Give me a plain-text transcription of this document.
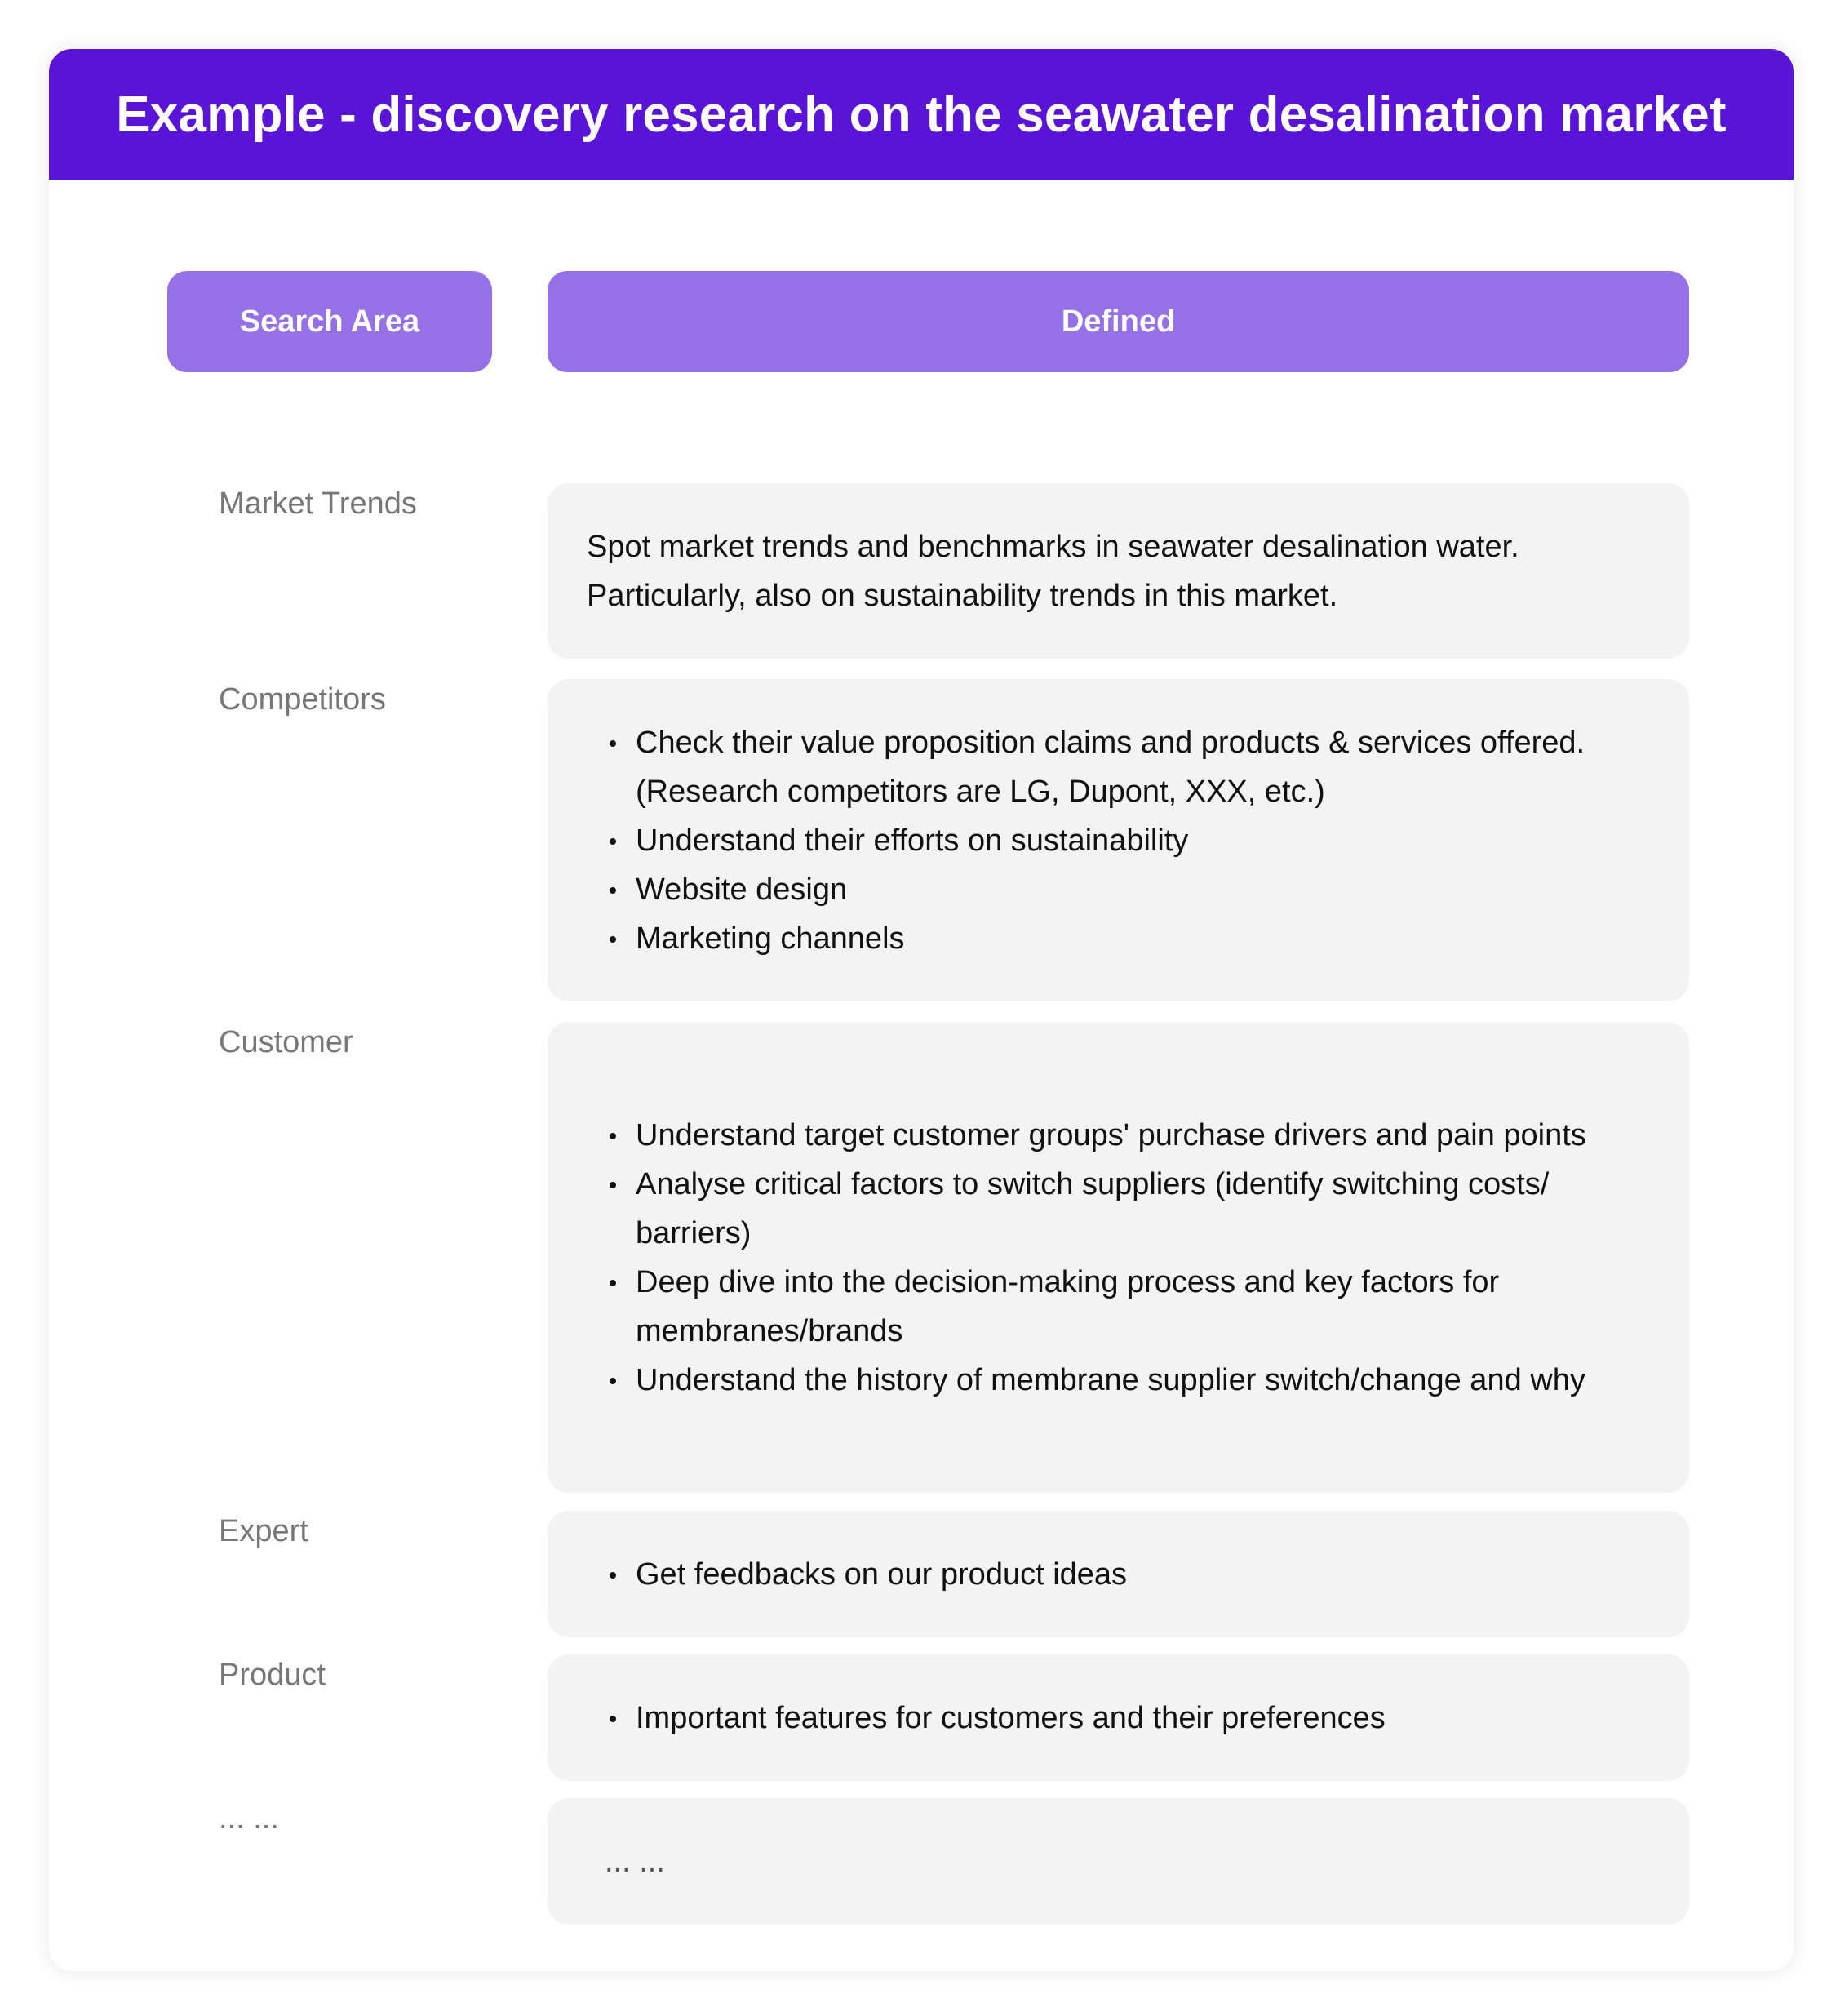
Example - discovery research on the seawater desalination market
Search Area	Defined
Market Trends

Spot market trends and benchmarks in seawater desalination water. Particularly, also on sustainability trends in this market.

Competitors
Check their value proposition claims and products & services offered. (Research competitors are LG, Dupont, XXX, etc.)
Understand their efforts on sustainability
Website design
Marketing channels
Customer
Understand target customer groups' purchase drivers and pain points
Analyse critical factors to switch suppliers (identify switching costs/ barriers)
Deep dive into the decision-making process and key factors for membranes/brands
Understand the history of membrane supplier switch/change and why
Expert
Get feedbacks on our product ideas
Product
Important features for customers and their preferences
... ...

... ...
